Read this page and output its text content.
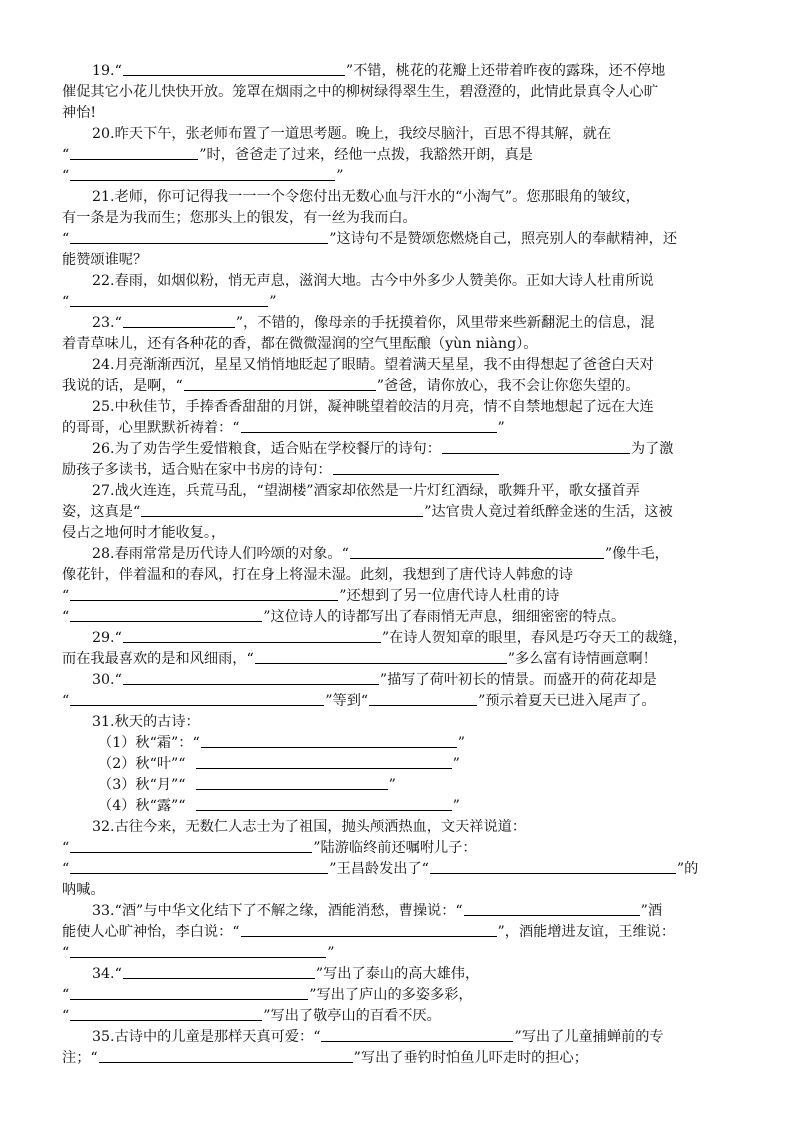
19.“	”不错，桃花的花瓣上还带着昨夜的露珠，还不停地
催促其它小花儿快快开放。笼罩在烟雨之中的柳树绿得翠生生，碧澄澄的，此情此景真令人心旷
神怡!
20.昨天下午，张老师布置了一道思考题。晚上，我绞尽脑汁，百思不得其解，就在
“	”时，爸爸走了过来，经他一点拨，我豁然开朗，真是
“	”
21.老师，你可记得我一一一个令您付出无数心血与汗水的“小淘气”。您那眼角的皱纹，
有一条是为我而生；您那头上的银发，有一丝为我而白。
“	”这诗句不是赞颂您燃烧自己，照亮别人的奉献精神，还
能赞颂谁呢？
22.春雨，如烟似粉，悄无声息，滋润大地。古今中外多少人赞美你。正如大诗人杜甫所说
“	”
23.“	”，不错的，像母亲的手抚摸着你，风里带来些新翻泥土的信息，混
着青草味儿，还有各种花的香，都在微微湿润的空气里酝酿（yùn niàng）。
24.月亮渐渐西沉，星星又悄悄地眨起了眼睛。望着满天星星，我不由得想起了爸爸白天对
我说的话，是啊，“	”爸爸，请你放心，我不会让你您失望的。
25.中秋佳节，手捧香香甜甜的月饼，凝神眺望着皎洁的月亮，情不自禁地想起了远在大连
的哥哥，心里默默祈祷着：“	”
26.为了劝告学生爱惜粮食，适合贴在学校餐厅的诗句：	为了激
励孩子多读书，适合贴在家中书房的诗句：
27.战火连连，兵荒马乱，“望湖楼”酒家却依然是一片灯红酒绿，歌舞升平，歌女搔首弄
姿，这真是“	”达官贵人竟过着纸醉金迷的生活，这被
侵占之地何时才能收复。，
28.春雨常常是历代诗人们吟颂的对象。“	”像牛毛，
像花针，伴着温和的春风，打在身上将湿未湿。此刻，我想到了唐代诗人韩愈的诗
“	”还想到了另一位唐代诗人杜甫的诗
“	”这位诗人的诗都写出了春雨悄无声息，细细密密的特点。
29.“	”在诗人贺知章的眼里，春风是巧夺天工的裁缝，
而在我最喜欢的是和风细雨，“	”多么富有诗情画意啊！
30.“	”描写了荷叶初长的情景。而盛开的荷花却是
“	”等到“	”预示着夏天已进入尾声了。
31.秋天的古诗：
（1）秋“霜”：“	”
（2）秋“叶”“	”
（3）秋“月”“	”
（4）秋“露”“	”
32.古往今来，无数仁人志士为了祖国，抛头颅洒热血，文天祥说道：
“	”陆游临终前还嘱咐儿子：
“	”王昌龄发出了“	”的
呐喊。
33.“酒”与中华文化结下了不解之缘，酒能消愁，曹操说：“	”酒
能使人心旷神怡，李白说：“	”，酒能增进友谊，王维说：
“	”
34.“	”写出了泰山的高大雄伟，
“	”写出了庐山的多姿多彩，
“	”写出了敬亭山的百看不厌。
35.古诗中的儿童是那样天真可爱：“	”写出了儿童捕蝉前的专
注；“	”写出了垂钓时怕鱼儿吓走时的担心；
